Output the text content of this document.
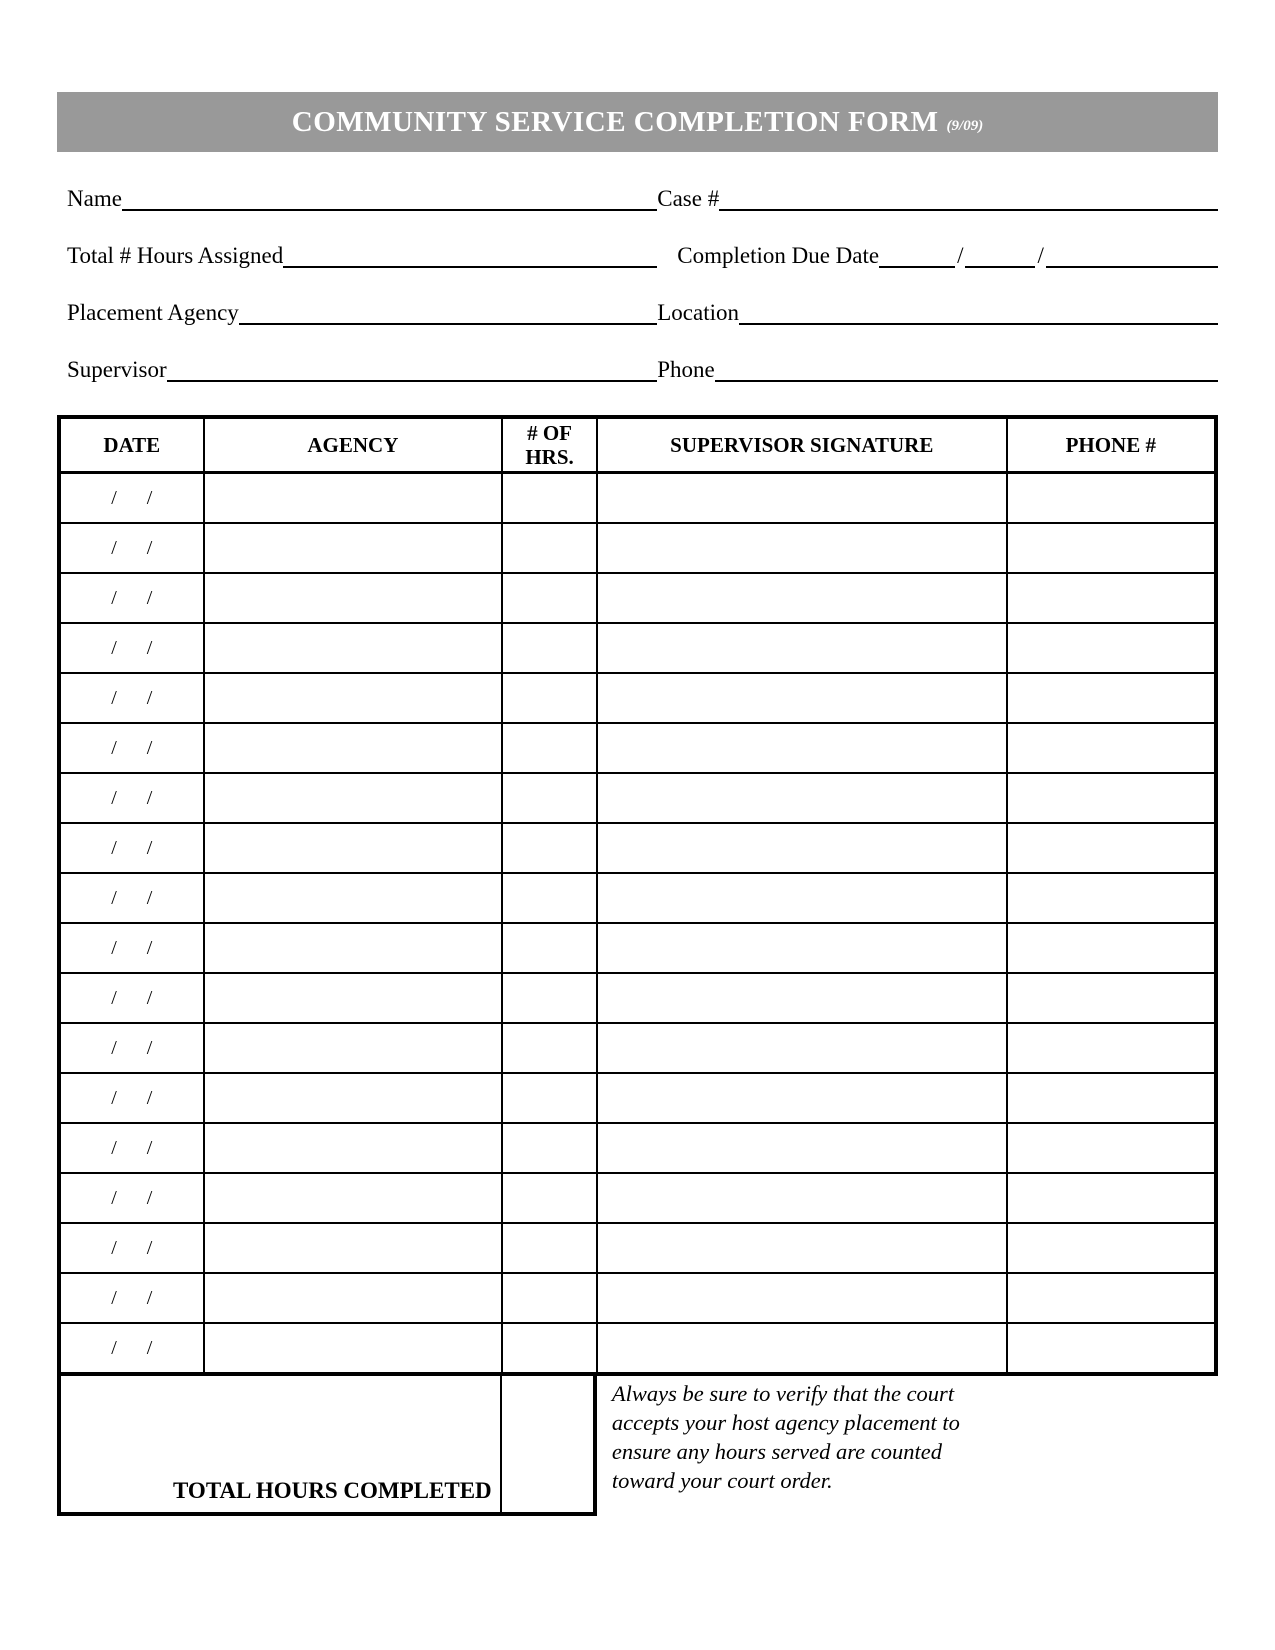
COMMUNITY SERVICE COMPLETION FORM (9/09)
Name	Case #
Total # Hours Assigned	Completion Due Date	/	/
Placement Agency	Location
Supervisor	Phone
DATE	AGENCY	# OF HRS.	SUPERVISOR SIGNATURE	PHONE #
/      /				
/      /				
/      /				
/      /				
/      /				
/      /				
/      /				
/      /				
/      /				
/      /				
/      /				
/      /				
/      /				
/      /				
/      /				
/      /				
/      /				
/      /				
TOTAL HOURS COMPLETED
Always be sure to verify that the court
accepts your host agency placement to
ensure any hours served are counted
toward your court order.
